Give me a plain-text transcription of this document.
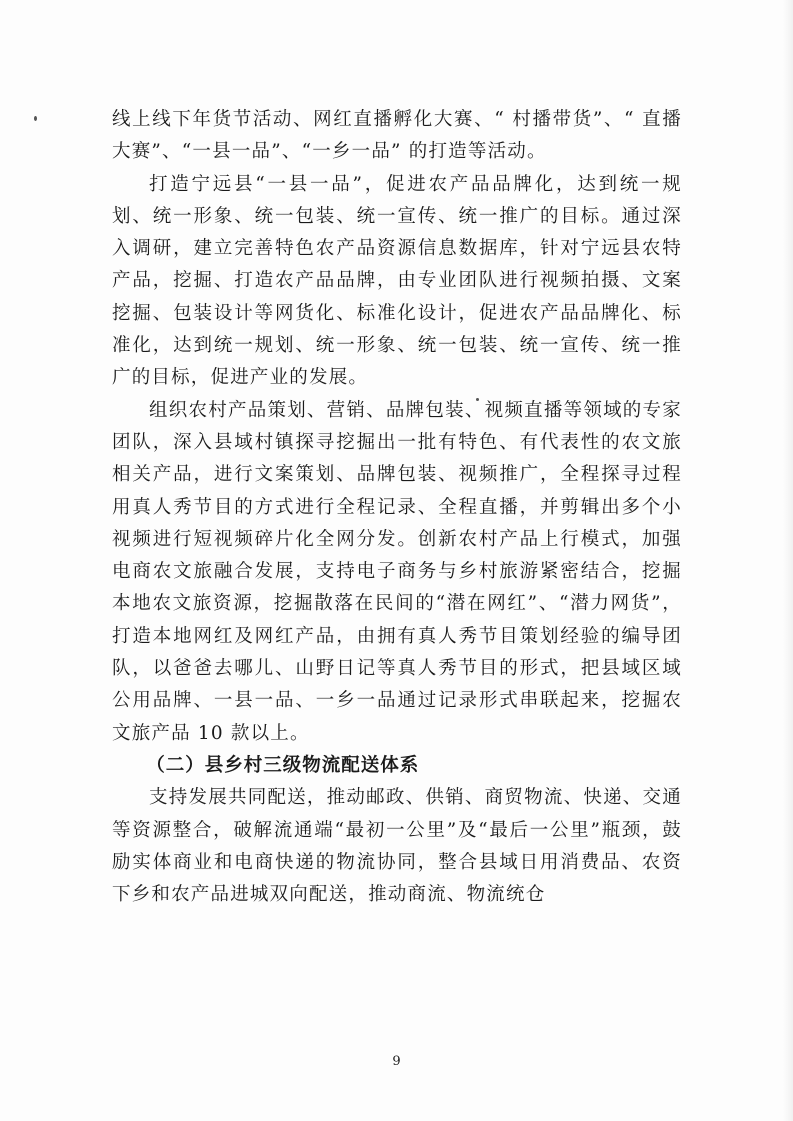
线上线下年货节活动、网红直播孵化大赛、“ 村播带货”、“ 直播大赛”、“一县一品”、“一乡一品” 的打造等活动。

打造宁远县“一县一品”，促进农产品品牌化，达到统一规划、统一形象、统一包装、统一宣传、统一推广的目标。通过深入调研，建立完善特色农产品资源信息数据库，针对宁远县农特产品，挖掘、打造农产品品牌，由专业团队进行视频拍摄、文案挖掘、包装设计等网货化、标准化设计，促进农产品品牌化、标准化，达到统一规划、统一形象、统一包装、统一宣传、统一推广的目标，促进产业的发展。

组织农村产品策划、营销、品牌包装、视频直播等领域的专家团队，深入县域村镇探寻挖掘出一批有特色、有代表性的农文旅相关产品，进行文案策划、品牌包装、视频推广，全程探寻过程用真人秀节目的方式进行全程记录、全程直播，并剪辑出多个小视频进行短视频碎片化全网分发。创新农村产品上行模式，加强电商农文旅融合发展，支持电子商务与乡村旅游紧密结合，挖掘本地农文旅资源，挖掘散落在民间的“潜在网红”、“潜力网货”，打造本地网红及网红产品，由拥有真人秀节目策划经验的编导团队，以爸爸去哪儿、山野日记等真人秀节目的形式，把县域区域公用品牌、一县一品、一乡一品通过记录形式串联起来，挖掘农文旅产品 10 款以上。

（二）县乡村三级物流配送体系

支持发展共同配送，推动邮政、供销、商贸物流、快递、交通等资源整合，破解流通端“最初一公里”及“最后一公里”瓶颈，鼓励实体商业和电商快递的物流协同，整合县域日用消费品、农资下乡和农产品进城双向配送，推动商流、物流统仓

9
